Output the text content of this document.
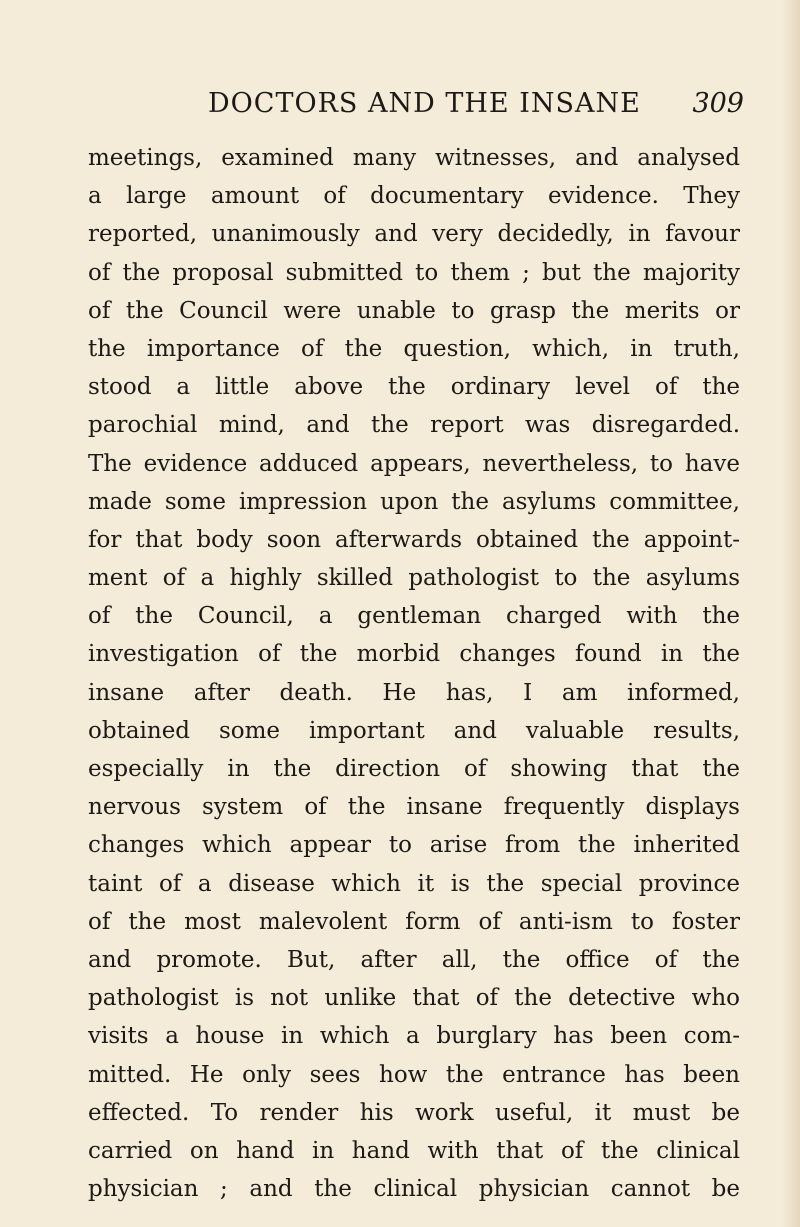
DOCTORS AND THE INSANE 309
meetings, examined many witnesses, and analysed
a large amount of documentary evidence. They
reported, unanimously and very decidedly, in favour
of the proposal submitted to them ; but the majority
of the Council were unable to grasp the merits or
the importance of the question, which, in truth,
stood a little above the ordinary level of the
parochial mind, and the report was disregarded.
The evidence adduced appears, nevertheless, to have
made some impression upon the asylums committee,
for that body soon afterwards obtained the appoint-
ment of a highly skilled pathologist to the asylums
of the Council, a gentleman charged with the
investigation of the morbid changes found in the
insane after death. He has, I am informed,
obtained some important and valuable results,
especially in the direction of showing that the
nervous system of the insane frequently displays
changes which appear to arise from the inherited
taint of a disease which it is the special province
of the most malevolent form of anti-ism to foster
and promote. But, after all, the office of the
pathologist is not unlike that of the detective who
visits a house in which a burglary has been com-
mitted. He only sees how the entrance has been
effected. To render his work useful, it must be
carried on hand in hand with that of the clinical
physician ; and the clinical physician cannot be
